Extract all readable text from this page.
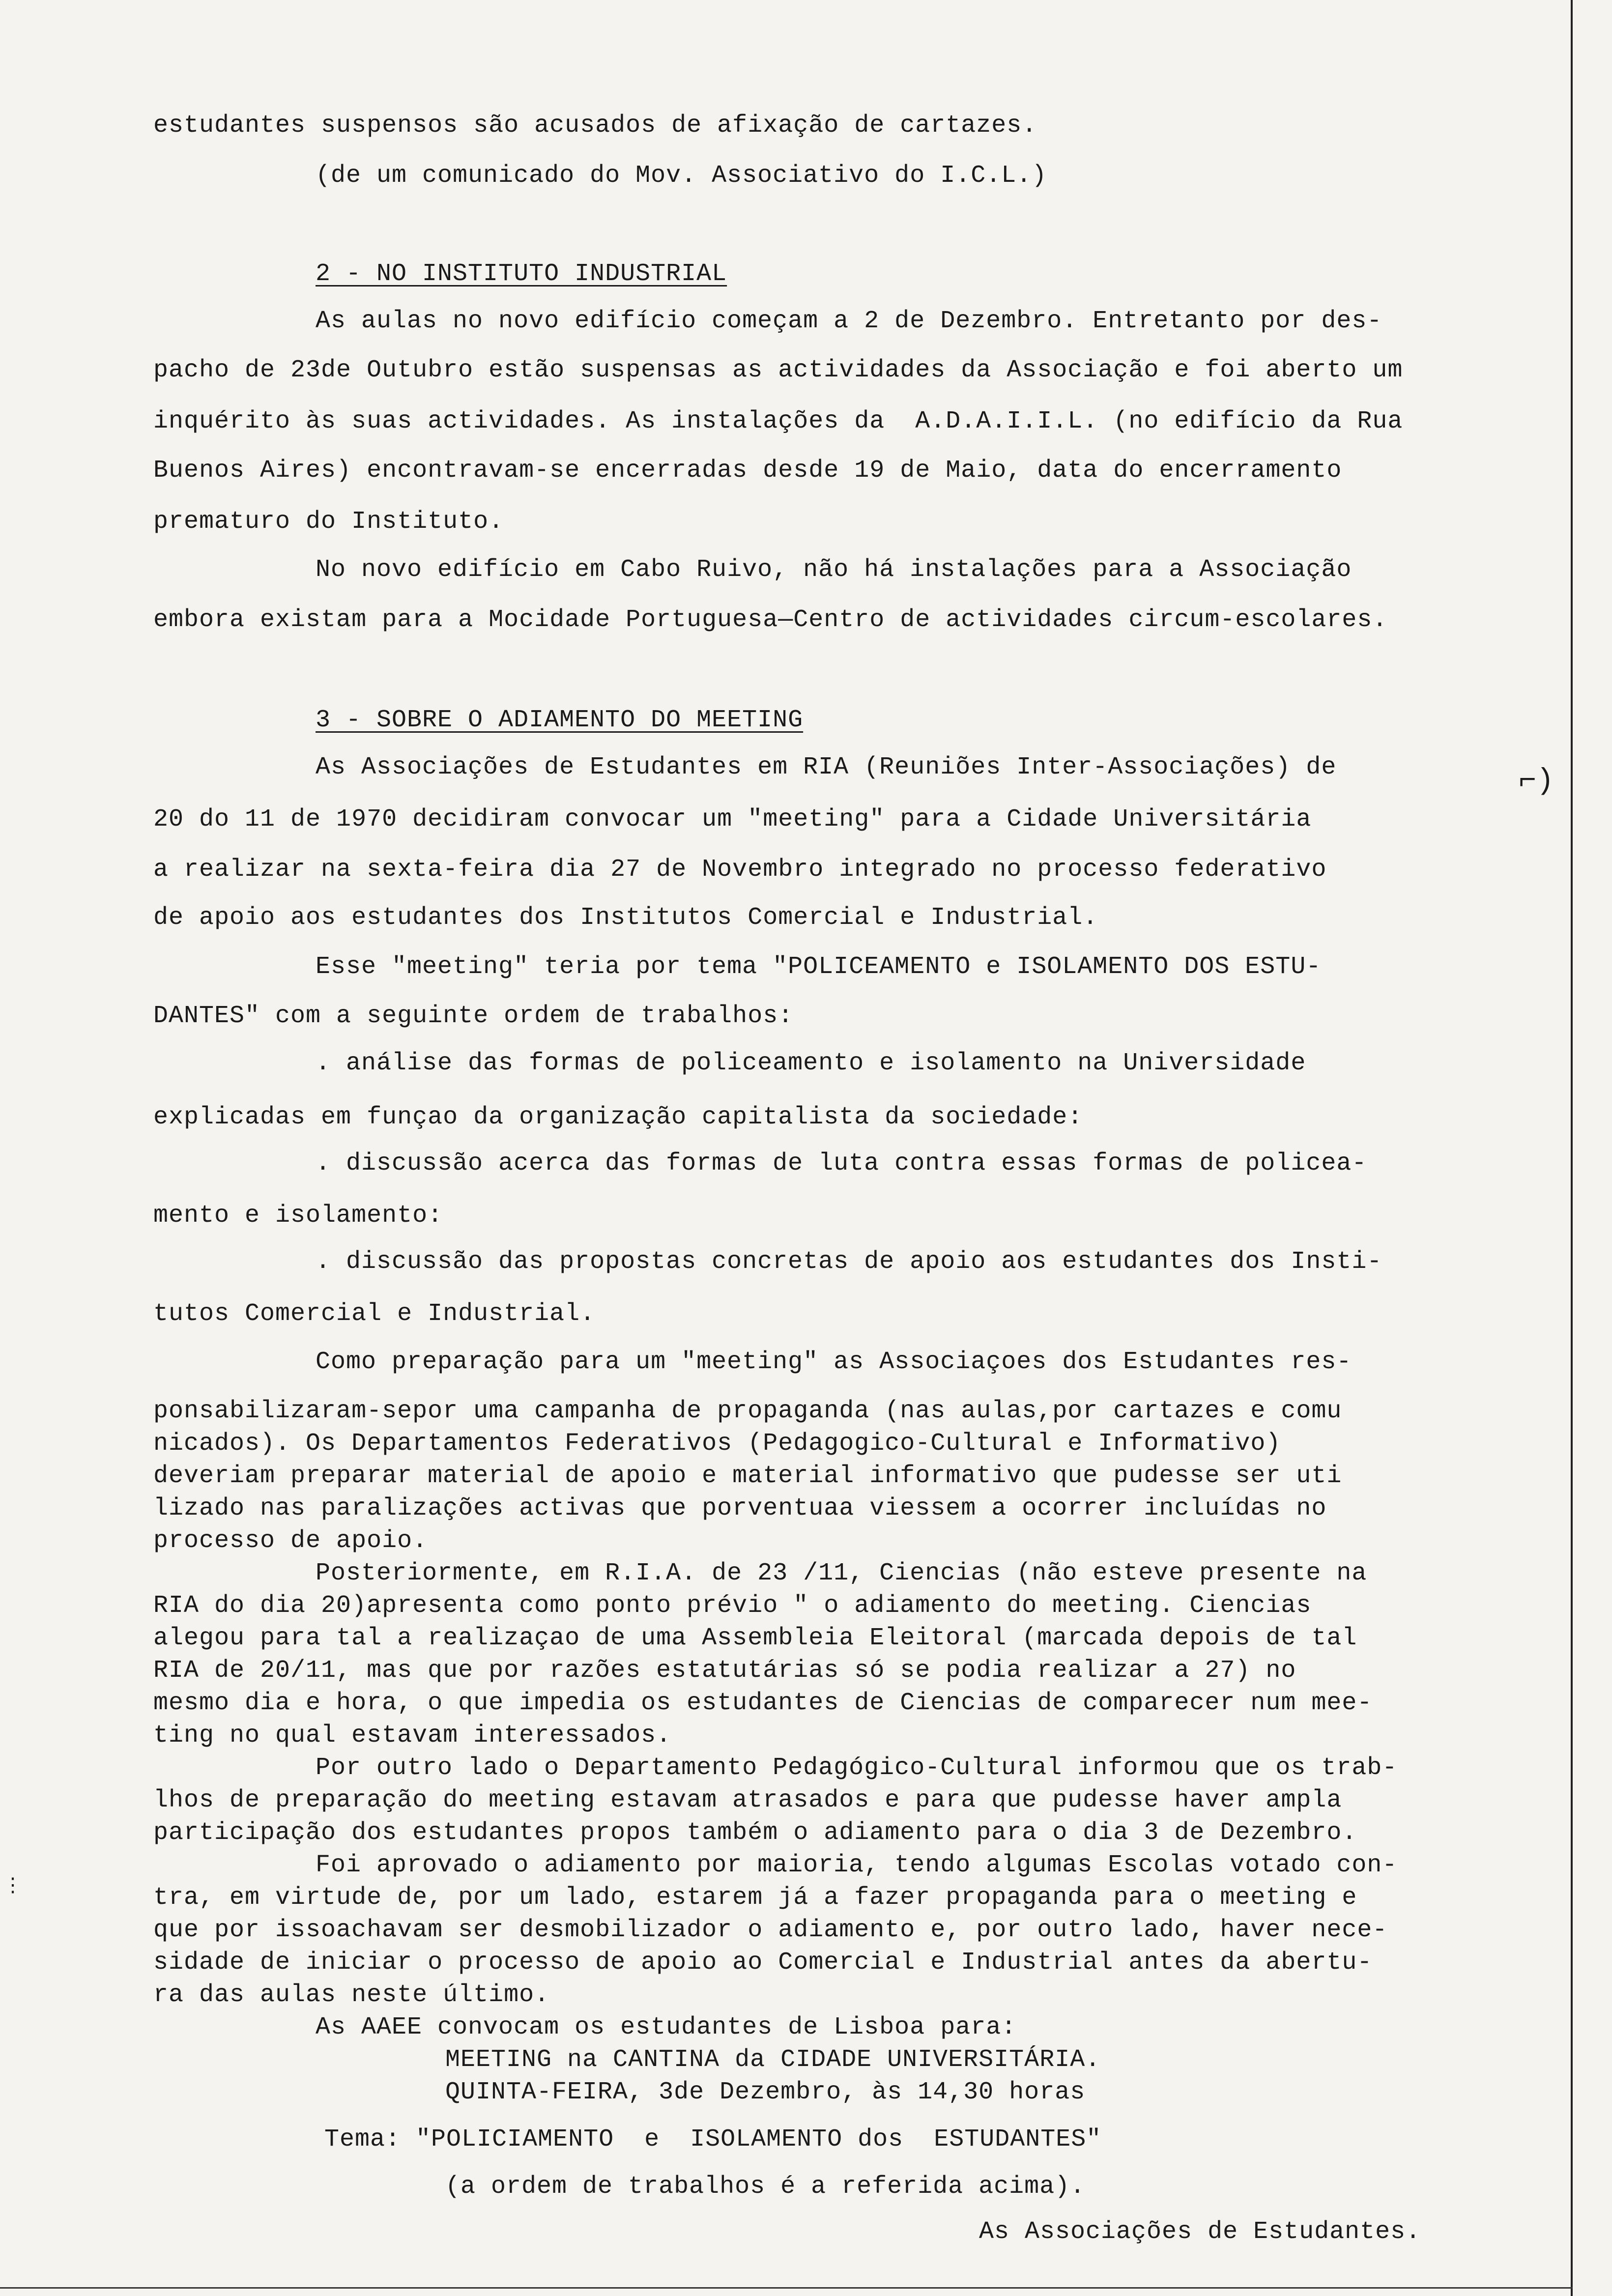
⌐)
⋮
estudantes suspensos são acusados de afixação de cartazes.
(de um comunicado do Mov. Associativo do I.C.L.)
2 - NO INSTITUTO INDUSTRIAL
As aulas no novo edifício começam a 2 de Dezembro. Entretanto por des-
pacho de 23de Outubro estão suspensas as actividades da Associação e foi aberto um
inquérito às suas actividades. As instalações da  A.D.A.I.I.L. (no edifício da Rua
Buenos Aires) encontravam-se encerradas desde 19 de Maio, data do encerramento
prematuro do Instituto.
No novo edifício em Cabo Ruivo, não há instalações para a Associação
embora existam para a Mocidade Portuguesa—Centro de actividades circum-escolares.
3 - SOBRE O ADIAMENTO DO MEETING
As Associações de Estudantes em RIA (Reuniões Inter-Associações) de
20 do 11 de 1970 decidiram convocar um "meeting" para a Cidade Universitária
a realizar na sexta-feira dia 27 de Novembro integrado no processo federativo
de apoio aos estudantes dos Institutos Comercial e Industrial.
Esse "meeting" teria por tema "POLICEAMENTO e ISOLAMENTO DOS ESTU-
DANTES" com a seguinte ordem de trabalhos:
. análise das formas de policeamento e isolamento na Universidade
explicadas em funçao da organização capitalista da sociedade:
. discussão acerca das formas de luta contra essas formas de policea-
mento e isolamento:
. discussão das propostas concretas de apoio aos estudantes dos Insti-
tutos Comercial e Industrial.
Como preparação para um "meeting" as Associaçoes dos Estudantes res-
ponsabilizaram-sepor uma campanha de propaganda (nas aulas,por cartazes e comu
nicados). Os Departamentos Federativos (Pedagogico-Cultural e Informativo)
deveriam preparar material de apoio e material informativo que pudesse ser uti
lizado nas paralizações activas que porventuaa viessem a ocorrer incluídas no
processo de apoio.
Posteriormente, em R.I.A. de 23 /11, Ciencias (não esteve presente na
RIA do dia 20)apresenta como ponto prévio " o adiamento do meeting. Ciencias
alegou para tal a realizaçao de uma Assembleia Eleitoral (marcada depois de tal
RIA de 20/11, mas que por razões estatutárias só se podia realizar a 27) no
mesmo dia e hora, o que impedia os estudantes de Ciencias de comparecer num mee-
ting no qual estavam interessados.
Por outro lado o Departamento Pedagógico-Cultural informou que os trab-
lhos de preparação do meeting estavam atrasados e para que pudesse haver ampla
participação dos estudantes propos também o adiamento para o dia 3 de Dezembro.
Foi aprovado o adiamento por maioria, tendo algumas Escolas votado con-
tra, em virtude de, por um lado, estarem já a fazer propaganda para o meeting e
que por issoachavam ser desmobilizador o adiamento e, por outro lado, haver nece-
sidade de iniciar o processo de apoio ao Comercial e Industrial antes da abertu-
ra das aulas neste último.
As AAEE convocam os estudantes de Lisboa para:
MEETING na CANTINA da CIDADE UNIVERSITÁRIA.
QUINTA-FEIRA, 3de Dezembro, às 14,30 horas
Tema: "POLICIAMENTO  e  ISOLAMENTO dos  ESTUDANTES"
(a ordem de trabalhos é a referida acima).
As Associações de Estudantes.
